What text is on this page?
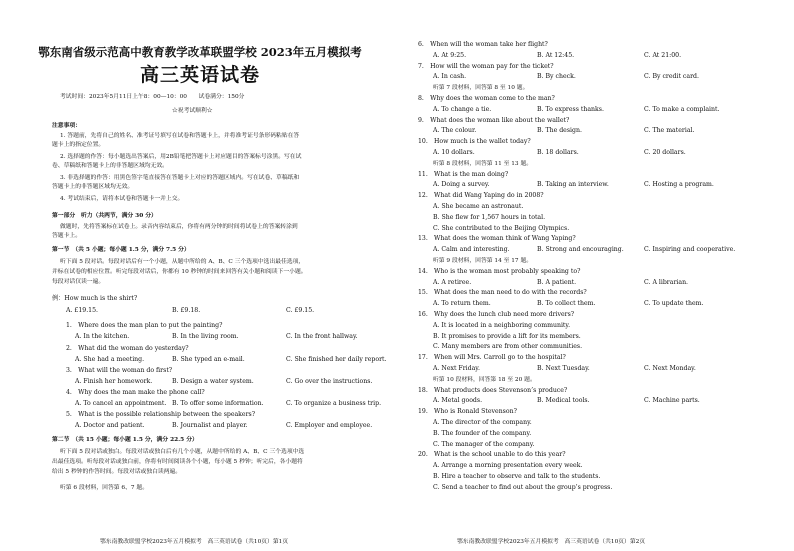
鄂东南省级示范高中教育教学改革联盟学校 2023年五月模拟考
高三英语试卷
考试时间：2023年5月11日上午8：00—10：00　　试卷满分：150分
☆祝考试顺利☆
注意事项：
1. 答题前，先将自己的姓名、准考证号填写在试卷和答题卡上，并将准考证号条形码粘贴在答
题卡上的指定位置。
2. 选择题的作答：每小题选出答案后，用2B铅笔把答题卡上对应题目的答案标号涂黑。写在试
卷、草稿纸和答题卡上的非答题区域均无效。
3. 非选择题的作答：用黑色签字笔直接答在答题卡上对应的答题区域内。写在试卷、草稿纸和
答题卡上的非答题区域均无效。
4. 考试结束后，请将本试卷和答题卡一并上交。
第一部分　听力（共两节，满分 30 分）
做题时，先将答案标在试卷上。录音内容结束后，你将有两分钟的时间将试卷上的答案转涂到
答题卡上。
第一节　（共 5 小题；每小题 1.5 分，满分 7.5 分）
听下面 5 段对话。每段对话后有一个小题，从题中所给的 A、B、C 三个选项中选出最佳选项，
并标在试卷的相应位置。听完每段对话后，你都有 10 秒钟的时间来回答有关小题和阅读下一小题。
每段对话仅读一遍。
例：How much is the shirt?
A. £19.15.	B. £9.18.	C. £9.15.
1.　Where does the man plan to put the painting?
A. In the kitchen.	B. In the living room.	C. In the front hallway.
2.　What did the woman do yesterday?
A. She had a meeting.	B. She typed an e-mail.	C. She finished her daily report.
3.　What will the woman do first?
A. Finish her homework.	B. Design a water system.	C. Go over the instructions.
4.　Why does the man make the phone call?
A. To cancel an appointment. B. To offer some information.	C. To organize a business trip.
5.　What is the possible relationship between the speakers?
A. Doctor and patient.	B. Journalist and player.	C. Employer and employee.
第二节　（共 15 小题；每小题 1.5 分，满分 22.5 分）
听下面 5 段对话或独白。每段对话或独白后有几个小题，从题中所给的 A、B、C 三个选项中选
出最佳选项。听每段对话或独白前，你将有时间阅读各个小题，每小题 5 秒钟；听完后，各小题将
给出 5 秒钟的作答时间。每段对话或独白读两遍。
听第 6 段材料，回答第 6、7 题。
鄂东南教改联盟学校2023年五月模拟考　高三英语试卷（共10页）第1页
6.　When will the woman take her flight?
A. At 9:25.	B. At 12:45.	C. At 21:00.
7.　How will the woman pay for the ticket?
A. In cash.	B. By check.	C. By credit card.
听第 7 段材料，回答第 8 至 10 题。
8.　Why does the woman come to the man?
A. To change a tie.	B. To express thanks.	C. To make a complaint.
9.　What does the woman like about the wallet?
A. The colour.	B. The design.	C. The material.
10.　How much is the wallet today?
A. 10 dollars.	B. 18 dollars.	C. 20 dollars.
听第 8 段材料，回答第 11 至 13 题。
11.　What is the man doing?
A. Doing a survey.	B. Taking an interview.	C. Hosting a program.
12.　What did Wang Yaping do in 2008?
A. She became an astronaut.
B. She flew for 1,567 hours in total.
C. She contributed to the Beijing Olympics.
13.　What does the woman think of Wang Yaping?
A. Calm and interesting.	B. Strong and encouraging.	C. Inspiring and cooperative.
听第 9 段材料，回答第 14 至 17 题。
14.　Who is the woman most probably speaking to?
A. A retiree.	B. A patient.	C. A librarian.
15.　What does the man need to do with the records?
A. To return them.	B. To collect them.	C. To update them.
16.　Why does the lunch club need more drivers?
A. It is located in a neighboring community.
B. It promises to provide a lift for its members.
C. Many members are from other communities.
17.　When will Mrs. Carroll go to the hospital?
A. Next Friday.	B. Next Tuesday.	C. Next Monday.
听第 10 段材料，回答第 18 至 20 题。
18.　What products does Stevenson’s produce?
A. Metal goods.	B. Medical tools.	C. Machine parts.
19.　Who is Ronald Stevenson?
A. The director of the company.
B. The founder of the company.
C. The manager of the company.
20.　What is the school unable to do this year?
A. Arrange a morning presentation every week.
B. Hire a teacher to observe and talk to the students.
C. Send a teacher to find out about the group’s progress.
鄂东南教改联盟学校2023年五月模拟考　高三英语试卷（共10页）第2页
